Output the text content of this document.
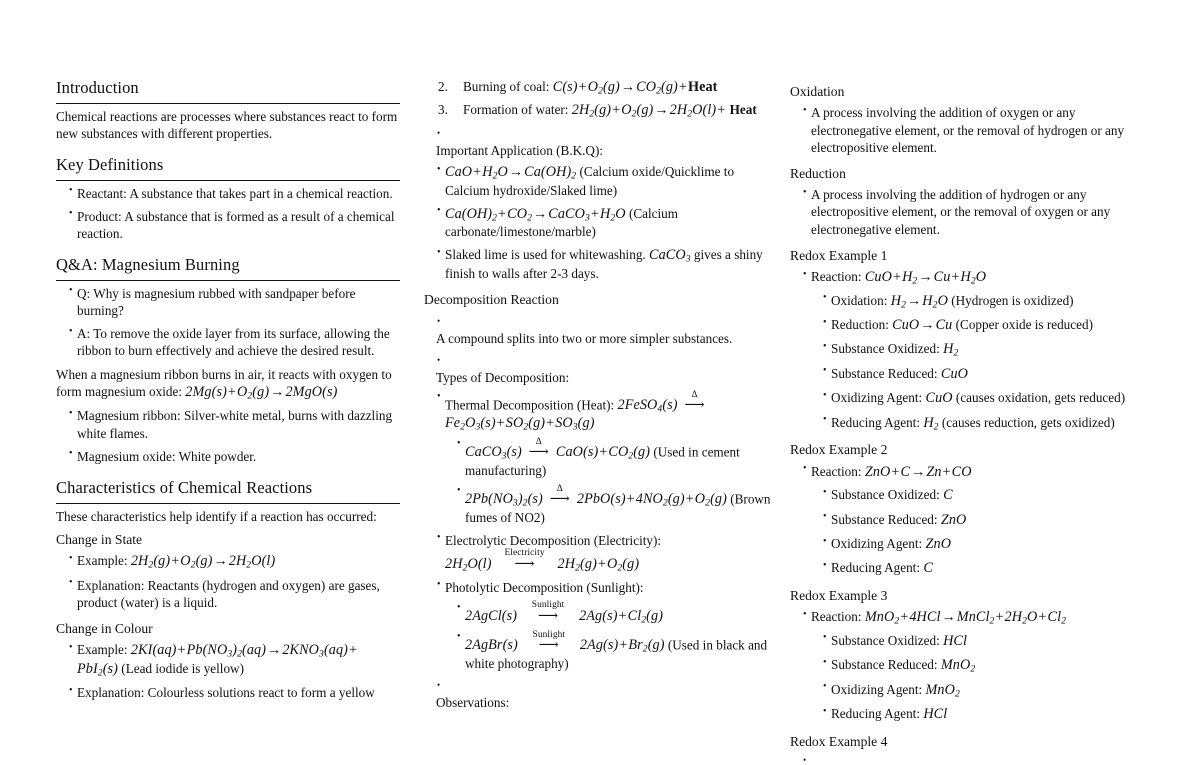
Introduction

Chemical reactions are processes where substances react to form new substances with different properties.

Key Definitions
• Reactant: A substance that takes part in a chemical reaction.
• Product: A substance that is formed as a result of a chemical reaction.
Q&A: Magnesium Burning
• Q: Why is magnesium rubbed with sandpaper before burning?
• A: To remove the oxide layer from its surface, allowing the ribbon to burn effectively and achieve the desired result.

When a magnesium ribbon burns in air, it reacts with oxygen to form magnesium oxide: $2Mg(s)+O_2(g)\to 2MgO(s)$

• Magnesium ribbon: Silver-white metal, burns with dazzling white flames.
• Magnesium oxide: White powder.
Characteristics of Chemical Reactions

These characteristics help identify if a reaction has occurred:

Change in State
• Example: $2H_2(g)+O_2(g)\to 2H_2O(l)$
• Explanation: Reactants (hydrogen and oxygen) are gases, product (water) is a liquid.
Change in Colour
• Example: $2KI(aq)+Pb(NO_3)_2(aq)\to 2KNO_3(aq)+ PbI_2(s)$ (Lead iodide is yellow)
• Explanation: Colourless solutions react to form a yellow
Burning of coal: $C(s)+O_2(g)\to CO_2(g)+Heat$
Formation of water: $2H_2(g)+O_2(g)\to 2H_2O(l)+$ Heat
•
Important Application (B.K.Q):
• $CaO+H_2O\to Ca(OH)_2$ (Calcium oxide/Quicklime to Calcium hydroxide/Slaked lime)
• $Ca(OH)_2+CO_2\to CaCO_3+H_2O$ (Calcium carbonate/limestone/marble)
• Slaked lime is used for whitewashing. CaCO$_3$ gives a shiny finish to walls after 2-3 days.
Decomposition Reaction
•
A compound splits into two or more simpler substances.
•
Types of Decomposition:
• Thermal Decomposition (Heat): 2FeSO$_4$(s)
Δ
⟶
$Fe_2O_3(s)+SO_2(g)+SO_3(g)$
• CaCO$_3$(s)
Δ
⟶ $CaO(s)+CO_2(g)$ (Used in cement manufacturing)
• $2Pb(NO_3)_2(s)$
Δ
⟶ $2PbO(s)+4NO_2(g)+O_2(g)$ (Brown fumes of NO2)
• Electrolytic Decomposition (Electricity):
$2H_2O(l)$
Electricity
⟶	$2H_2(g)+O_2(g)$
• Photolytic Decomposition (Sunlight):
• 2AgCl(s)
Sunlight
⟶	$2Ag(s)+Cl_2(g)$
• 2AgBr(s)
Sunlight
⟶	$2Ag(s)+Br_2(g)$ (Used in black and white photography)
•
Observations:
Oxidation
• A process involving the addition of oxygen or any electronegative element, or the removal of hydrogen or any electropositive element.
Reduction
• A process involving the addition of hydrogen or any electropositive element, or the removal of oxygen or any electronegative element.
Redox Example 1
• Reaction: $CuO+H_2\to Cu+H_2O$
• Oxidation: $H_2\to H_2O$ (Hydrogen is oxidized)
• Reduction: CuO→Cu (Copper oxide is reduced)
• Substance Oxidized: $H_2$
• Substance Reduced: CuO
• Oxidizing Agent: CuO (causes oxidation, gets reduced)
• Reducing Agent: $H_2$ (causes reduction, gets oxidized)
Redox Example 2
• Reaction: ZnO+C→Zn+CO
• Substance Oxidized: C
• Substance Reduced: ZnO
• Oxidizing Agent: ZnO
• Reducing Agent: C
Redox Example 3
• Reaction: $MnO_2+4HCl\to MnCl_2+2H_2O+Cl_2$
• Substance Oxidized: HCl
• Substance Reduced: MnO$_2$
• Oxidizing Agent: MnO$_2$
• Reducing Agent: HCl
Redox Example 4
•
